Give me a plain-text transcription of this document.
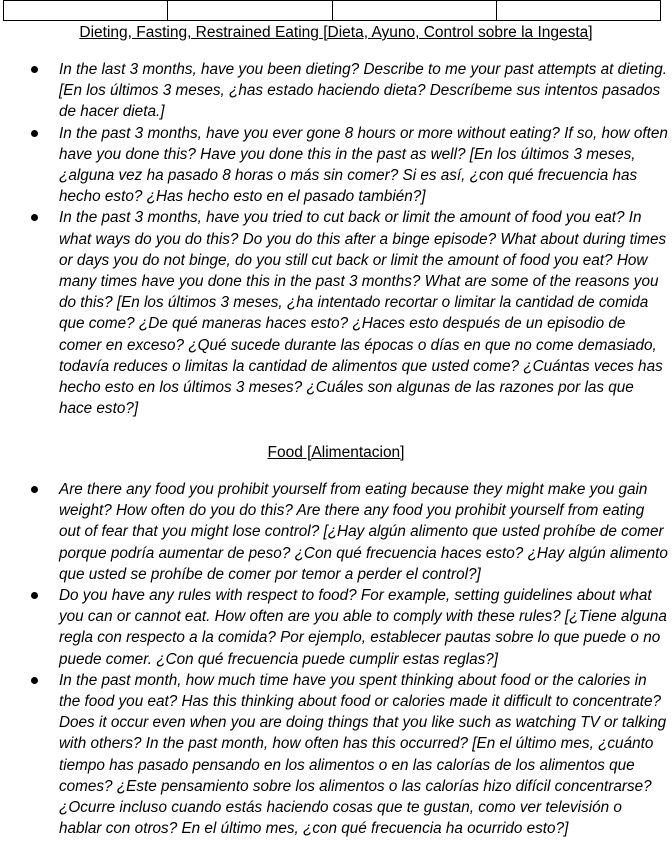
Dieting, Fasting, Restrained Eating [Dieta, Ayuno, Control sobre la Ingesta]
In the last 3 months, have you been dieting? Describe to me your past attempts at dieting. [En los últimos 3 meses, ¿has estado haciendo dieta? Descríbeme sus intentos pasados de hacer dieta.]
In the past 3 months, have you ever gone 8 hours or more without eating? If so, how often have you done this? Have you done this in the past as well? [En los últimos 3 meses, ¿alguna vez ha pasado 8 horas o más sin comer? Si es así, ¿con qué frecuencia has hecho esto? ¿Has hecho esto en el pasado también?]
In the past 3 months, have you tried to cut back or limit the amount of food you eat? In what ways do you do this? Do you do this after a binge episode? What about during times or days you do not binge, do you still cut back or limit the amount of food you eat? How many times have you done this in the past 3 months? What are some of the reasons you do this? [En los últimos 3 meses, ¿ha intentado recortar o limitar la cantidad de comida que come? ¿De qué maneras haces esto? ¿Haces esto después de un episodio de comer en exceso? ¿Qué sucede durante las épocas o días en que no come demasiado, todavía reduces o limitas la cantidad de alimentos que usted come? ¿Cuántas veces has hecho esto en los últimos 3 meses? ¿Cuáles son algunas de las razones por las que hace esto?]
Food [Alimentacion]
Are there any food you prohibit yourself from eating because they might make you gain weight? How often do you do this? Are there any food you prohibit yourself from eating out of fear that you might lose control? [¿Hay algún alimento que usted prohíbe de comer porque podría aumentar de peso? ¿Con qué frecuencia haces esto? ¿Hay algún alimento que usted se prohíbe de comer por temor a perder el control?]
Do you have any rules with respect to food? For example, setting guidelines about what you can or cannot eat. How often are you able to comply with these rules? [¿Tiene alguna regla con respecto a la comida? Por ejemplo, establecer pautas sobre lo que puede o no puede comer. ¿Con qué frecuencia puede cumplir estas reglas?]
In the past month, how much time have you spent thinking about food or the calories in the food you eat? Has this thinking about food or calories made it difficult to concentrate? Does it occur even when you are doing things that you like such as watching TV or talking with others? In the past month, how often has this occurred? [En el último mes, ¿cuánto tiempo has pasado pensando en los alimentos o en las calorías de los alimentos que comes? ¿Este pensamiento sobre los alimentos o las calorías hizo difícil concentrarse? ¿Ocurre incluso cuando estás haciendo cosas que te gustan, como ver televisión o hablar con otros? En el último mes, ¿con qué frecuencia ha ocurrido esto?]
